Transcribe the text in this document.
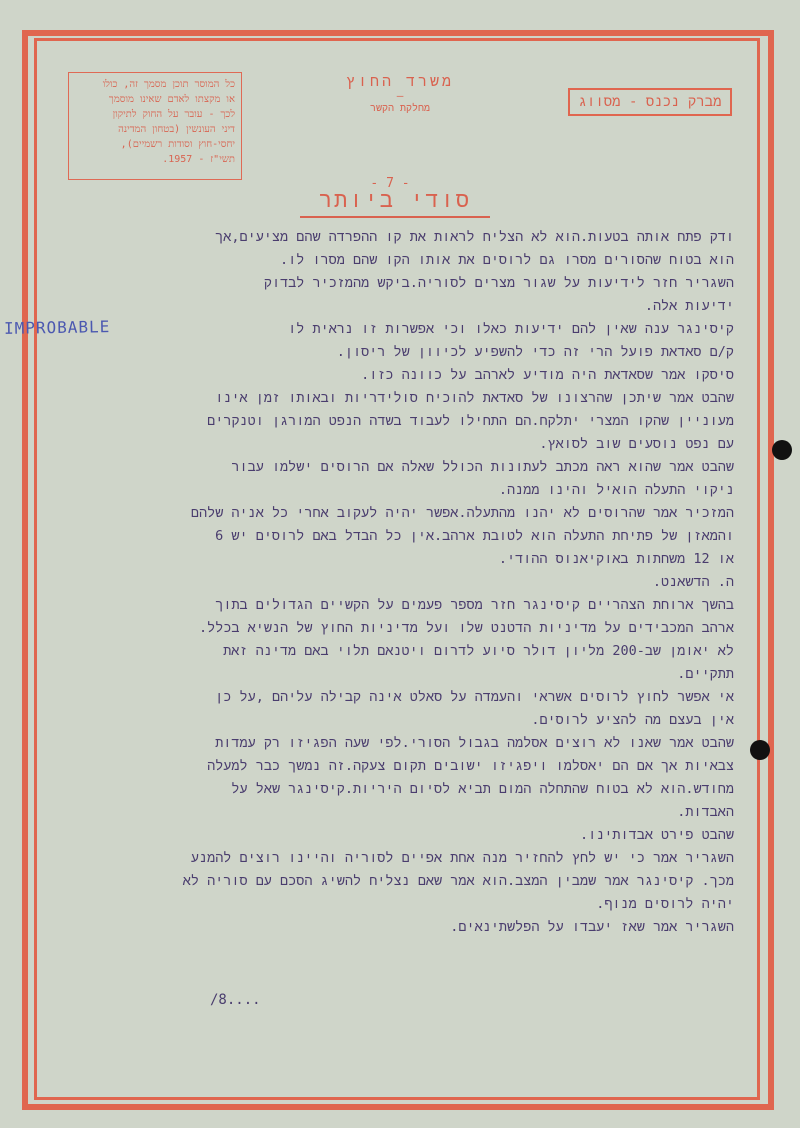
כל המוסר תוכן מסמך זה, כולו
או מקצתו לאדם שאינו מוסמך
לכך - עובר על החוק לתיקון
דיני העונשין (בטחון המדינה
יחסי-חוץ וסודות רשמיים),
תשי"ז - 1957.
משרד החוץ
—
מחלקת הקשר	מברק נכנס - מסווג
- 7 -
סודי ביותר
IMPROBABLE
ודק פתח אותה בטעות.הוא לא הצליח לראות את קו ההפרדה שהם מציעים,אך
הוא בטוח שהסורים מסרו גם לרוסים את אותו הקו שהם מסרו לו.
השגריר חזר לידיעות על שגור מצרים לסוריה.ביקש מהמזכיר לבדוק
ידיעות אלה.
קיסינגר ענה שאין להם ידיעות כאלו וכי אפשרות זו נראית לו
ק/ם סאדאת פועל הרי זה כדי להשפיע לכיוון של ריסון.
סיסקו אמר שסאדאת היה מודיע לארהב על כוונה כזו.
שהבט אמר שיתכן שהרצונו של סאדאת להוכיח סולידריות ובאותו זמן אינו
מעוניין שהקו המצרי יתלקח.הם התחילו לעבוד בשדה הנפט המורגן וטנקרים
עם נפט נוסעים שוב לסואץ.
שהבט אמר שהוא ראה מכתב לעתונות הכולל שאלה אם הרוסים ישלמו עבור
ניקוי התעלה הואיל והינו ממנה.
המזכיר אמר שהרוסים לא יהנו מהתעלה.אפשר יהיה לעקוב אחרי כל אניה שלהם
והמאזן של פתיחת התעלה הוא לטובת ארהב.אין כל הבדל באם לרוסים יש 6
או 12 משחתות באוקיאנוס ההודי.
ה. הדשאנט.
בהשך ארוחת הצהריים קיסינגר חזר מספר פעמים על הקשיים הגדולים בתוך
ארהב המכבידים על מדיניות הדטנט שלו ועל מדיניות החוץ של הנשיא בכלל.
לא יאומן שב-200 מליון דולר סיוע לדרום ויטנאם תלוי באם מדינה זאת
תתקיים.
אי אפשר לחוץ לרוסים אשראי והעמדה על סאלט אינה קבילה עליהם ,על כן
אין בעצם מה להציע לרוסים.
שהבט אמר שאנו לא רוצים אסלמה בגבול הסורי.לפי שעה הפגיזו רק עמדות
צבאיות אך אם הם יאסלמו ויפגיזו ישובים תקום צעקה.זה נמשך כבר למעלה
מחודש.הוא לא בטוח שהתחלה המום תביא לסיום היריות.קיסינגר שאל על
האבדות.
שהבט פירט אבדותינו.
השגריר אמר כי יש לחץ להחזיר מנה אחת אפיים לסוריה והיינו רוצים להמנע
מכך. קיסינגר אמר שמבין המצב.הוא אמר שאם נצליח להשיג הסכם עם סוריה לא
יהיה לרוסים מנוף.
השגריר אמר שאז יעבדו על הפלשתינאים.
/8....
